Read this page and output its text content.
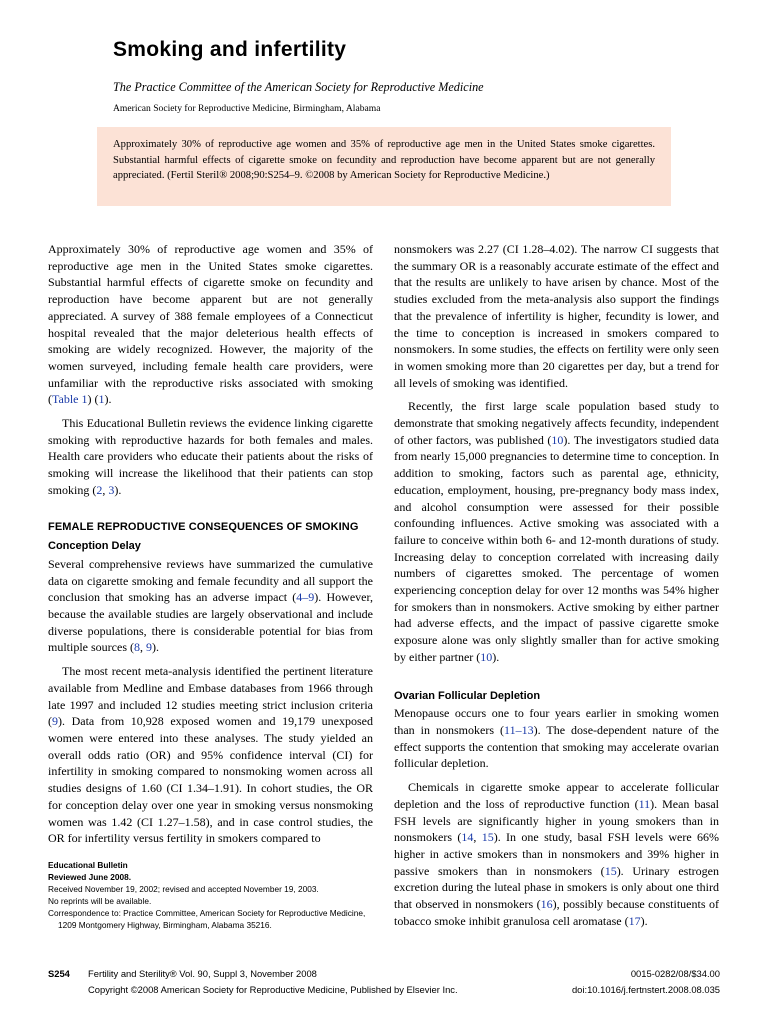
Smoking and infertility
The Practice Committee of the American Society for Reproductive Medicine
American Society for Reproductive Medicine, Birmingham, Alabama
Approximately 30% of reproductive age women and 35% of reproductive age men in the United States smoke cigarettes. Substantial harmful effects of cigarette smoke on fecundity and reproduction have become apparent but are not generally appreciated. (Fertil Steril® 2008;90:S254–9. ©2008 by American Society for Reproductive Medicine.)

Approximately 30% of reproductive age women and 35% of reproductive age men in the United States smoke cigarettes. Substantial harmful effects of cigarette smoke on fecundity and reproduction have become apparent but are not generally appreciated. A survey of 388 female employees of a Connecticut hospital revealed that the major deleterious health effects of smoking are widely recognized. However, the majority of the women surveyed, including female health care providers, were unfamiliar with the reproductive risks associated with smoking (Table 1) (1).

This Educational Bulletin reviews the evidence linking cigarette smoking with reproductive hazards for both females and males. Health care providers who educate their patients about the risks of smoking will increase the likelihood that their patients can stop smoking (2, 3).

FEMALE REPRODUCTIVE CONSEQUENCES OF SMOKING
Conception Delay

Several comprehensive reviews have summarized the cumulative data on cigarette smoking and female fecundity and all support the conclusion that smoking has an adverse impact (4–9). However, because the available studies are largely observational and include diverse populations, there is considerable potential for bias from multiple sources (8, 9).

The most recent meta-analysis identified the pertinent literature available from Medline and Embase databases from 1966 through late 1997 and included 12 studies meeting strict inclusion criteria (9). Data from 10,928 exposed women and 19,179 unexposed women were entered into these analyses. The study yielded an overall odds ratio (OR) and 95% confidence interval (CI) for infertility in smoking compared to nonsmoking women across all studies designs of 1.60 (CI 1.34–1.91). In cohort studies, the OR for conception delay over one year in smoking versus nonsmoking women was 1.42 (CI 1.27–1.58), and in case control studies, the OR for infertility versus fertility in smokers compared to

nonsmokers was 2.27 (CI 1.28–4.02). The narrow CI suggests that the summary OR is a reasonably accurate estimate of the effect and that the results are unlikely to have arisen by chance. Most of the studies excluded from the meta-analysis also support the findings that the prevalence of infertility is higher, fecundity is lower, and the time to conception is increased in smokers compared to nonsmokers. In some studies, the effects on fertility were only seen in women smoking more than 20 cigarettes per day, but a trend for all levels of smoking was identified.

Recently, the first large scale population based study to demonstrate that smoking negatively affects fecundity, independent of other factors, was published (10). The investigators studied data from nearly 15,000 pregnancies to determine time to conception. In addition to smoking, factors such as parental age, ethnicity, education, employment, housing, pre-pregnancy body mass index, and alcohol consumption were assessed for their possible confounding influences. Active smoking was associated with a failure to conceive within both 6- and 12-month durations of study. Increasing delay to conception correlated with increasing daily numbers of cigarettes smoked. The percentage of women experiencing conception delay for over 12 months was 54% higher for smokers than in nonsmokers. Active smoking by either partner had adverse effects, and the impact of passive cigarette smoke exposure alone was only slightly smaller than for active smoking by either partner (10).

Ovarian Follicular Depletion

Menopause occurs one to four years earlier in smoking women than in nonsmokers (11–13). The dose-dependent nature of the effect supports the contention that smoking may accelerate ovarian follicular depletion.

Chemicals in cigarette smoke appear to accelerate follicular depletion and the loss of reproductive function (11). Mean basal FSH levels are significantly higher in young smokers than in nonsmokers (14, 15). In one study, basal FSH levels were 66% higher in active smokers than in nonsmokers and 39% higher in passive smokers than in nonsmokers (15). Urinary estrogen excretion during the luteal phase in smokers is only about one third that observed in nonsmokers (16), possibly because constituents of tobacco smoke inhibit granulosa cell aromatase (17).

Educational Bulletin
Reviewed June 2008.
Received November 19, 2002; revised and accepted November 19, 2003.
No reprints will be available.
Correspondence to: Practice Committee, American Society for Reproductive Medicine, 1209 Montgomery Highway, Birmingham, Alabama 35216.
S254 Fertility and Sterility® Vol. 90, Suppl 3, November 2008	0015-0282/08/$34.00
Copyright ©2008 American Society for Reproductive Medicine, Published by Elsevier Inc.	doi:10.1016/j.fertnstert.2008.08.035
